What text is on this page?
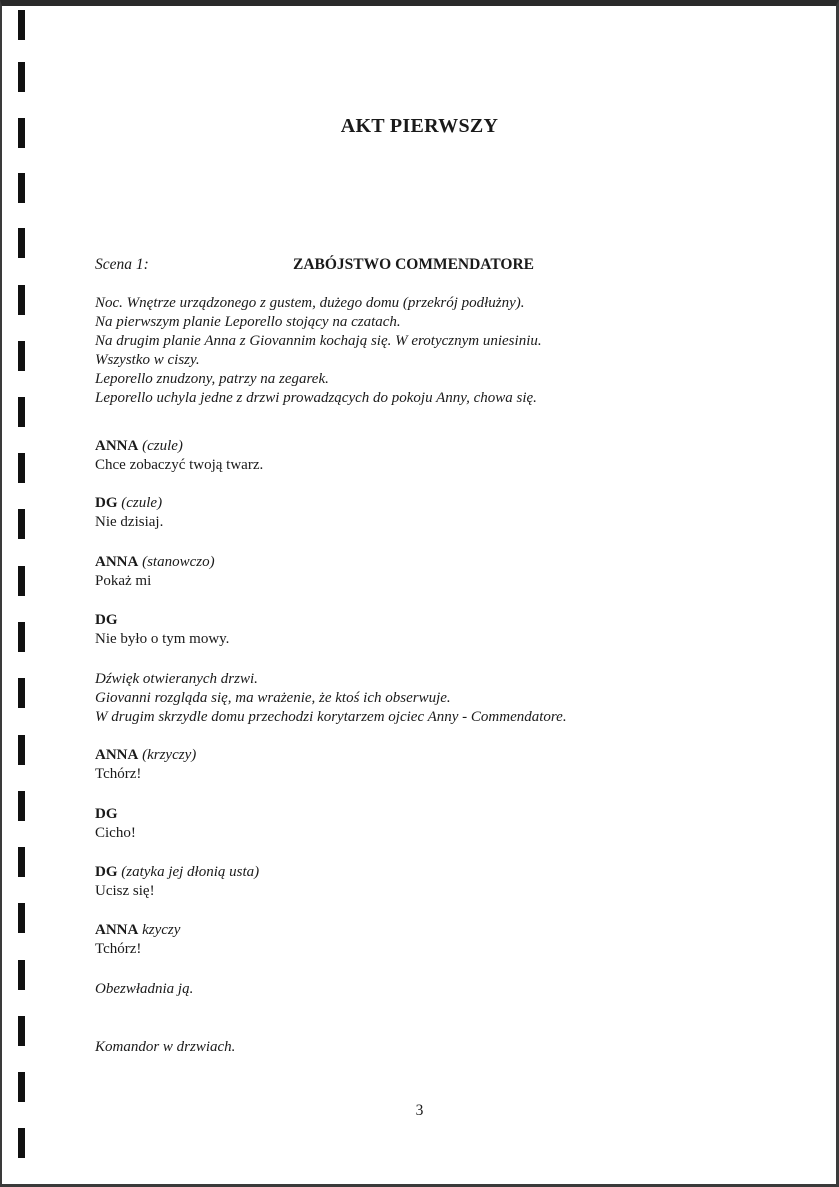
AKT PIERWSZY
Scena 1:	ZABÓJSTWO COMMENDATORE
Noc. Wnętrze urządzonego z gustem, dużego domu (przekrój podłużny).
Na pierwszym planie Leporello stojący na czatach.
Na drugim planie Anna z Giovannim kochają się. W erotycznym uniesiniu.
Wszystko w ciszy.
Leporello znudzony, patrzy na zegarek.
Leporello uchyla jedne z drzwi prowadzących do pokoju Anny, chowa się.
ANNA (czule)
Chce zobaczyć twoją twarz.
DG (czule)
Nie dzisiaj.
ANNA (stanowczo)
Pokaż mi
DG
Nie było o tym mowy.
Dźwięk otwieranych drzwi.
Giovanni rozgląda się, ma wrażenie, że ktoś ich obserwuje.
W drugim skrzydle domu przechodzi korytarzem ojciec Anny - Commendatore.
ANNA (krzyczy)
Tchórz!
DG
Cicho!
DG (zatyka jej dłonią usta)
Ucisz się!
ANNA kzyczy
Tchórz!
Obezwładnia ją.
Komandor w drzwiach.
3
